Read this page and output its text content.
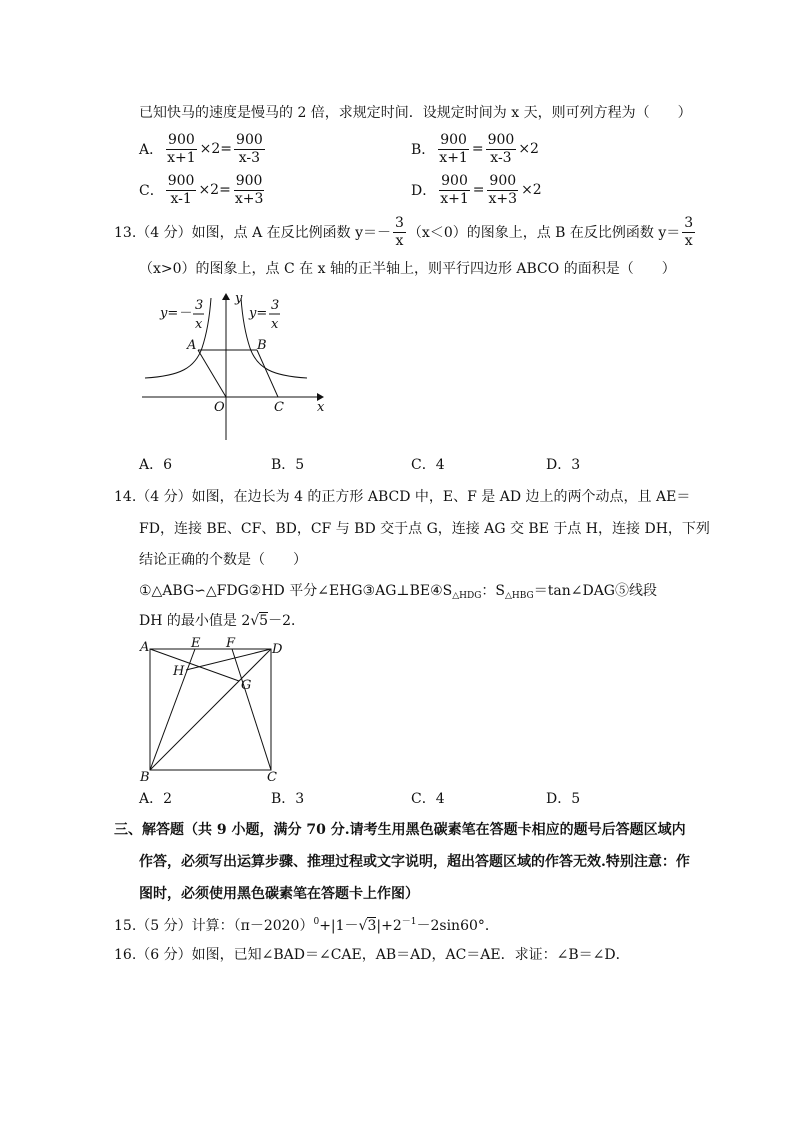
已知快马的速度是慢马的 2 倍，求规定时间．设规定时间为 x 天，则可列方程为（　　）
A． $\frac{900}{x+1} \times 2= \frac{900}{x-3}$	B． $\frac{900}{x+1} = \frac{900}{x-3} \times 2$
C． $\frac{900}{x-1} \times 2= \frac{900}{x+3}$	D． $\frac{900}{x+1} = \frac{900}{x+3} \times 2$
13.（4 分）如图，点 A 在反比例函数 $y=- \frac{3}{x} (x<0)$的图象上，点 B 在反比例函数 $y= \frac{3}{x}$
（x>0）的图象上，点 C 在 x 轴的正半轴上，则平行四边形 ABCO 的面积是（　　）
A	B
O	C
y
x
y=－
3
x
y=
3
x
A．6	B．5	C．4	D．3
14.（4 分）如图，在边长为 4 的正方形 ABCD 中，E、F 是 AD 边上的两个动点，且 AE＝
FD，连接 BE、CF、BD，CF 与 BD 交于点 G，连接 AG 交 BE 于点 H，连接 DH，下列
结论正确的个数是（　　）
①△ABG∽△FDG②HD 平分$\angle EHG③AG\perp BE④S_{\triangle HDG}$：$S_{\triangle HBG}=\tan\angle DAG⑤$线段
DH 的最小值是 2√5－2．
A	E F	D
H
G
B	C
A．2	B．3	C．4	D．5
三、解答题（共 9 小题，满分 70 分.请考生用黑色碳素笔在答题卡相应的题号后答题区域内
作答，必须写出运算步骤、推理过程或文字说明，超出答题区域的作答无效.特别注意：作
图时，必须使用黑色碳素笔在答题卡上作图）
15.（5 分）计算：$(\pi-2020)^0+|1-√3|+2^{-1}-2\sin 60^\circ$．
16.（6 分）如图，已知∠BAD＝∠CAE，AB＝AD，AC＝AE．求证：∠B＝∠D．
